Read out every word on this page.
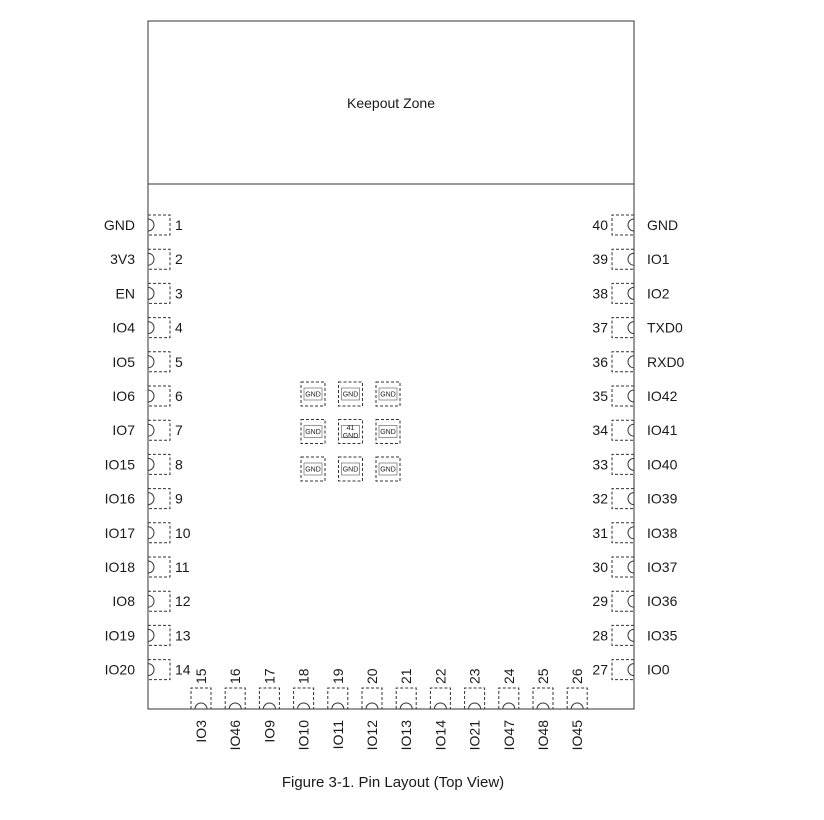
Keepout Zone
1
GND
2
3V3
3
EN
4
IO4
5
IO5
6
IO6
7
IO7
8
IO15
9
IO16
10
IO17
11
IO18
12
IO8
13
IO19
14
IO20
40	GND
39	IO1
38	IO2
37	TXD0
36	RXD0
35	IO42
34	IO41
33	IO40
32	IO39
31	IO38
30	IO37
29	IO36
28	IO35
27	IO0
15
IO3
16
IO46
17
IO9
18
IO10
19
IO11
20
IO12
21
IO13
22
IO14
23
IO21
24
IO47
25
IO48
26
IO45
GND	GND	GND
GND
41
GND
GND
GND	GND	GND
Figure 3-1. Pin Layout (Top View)
